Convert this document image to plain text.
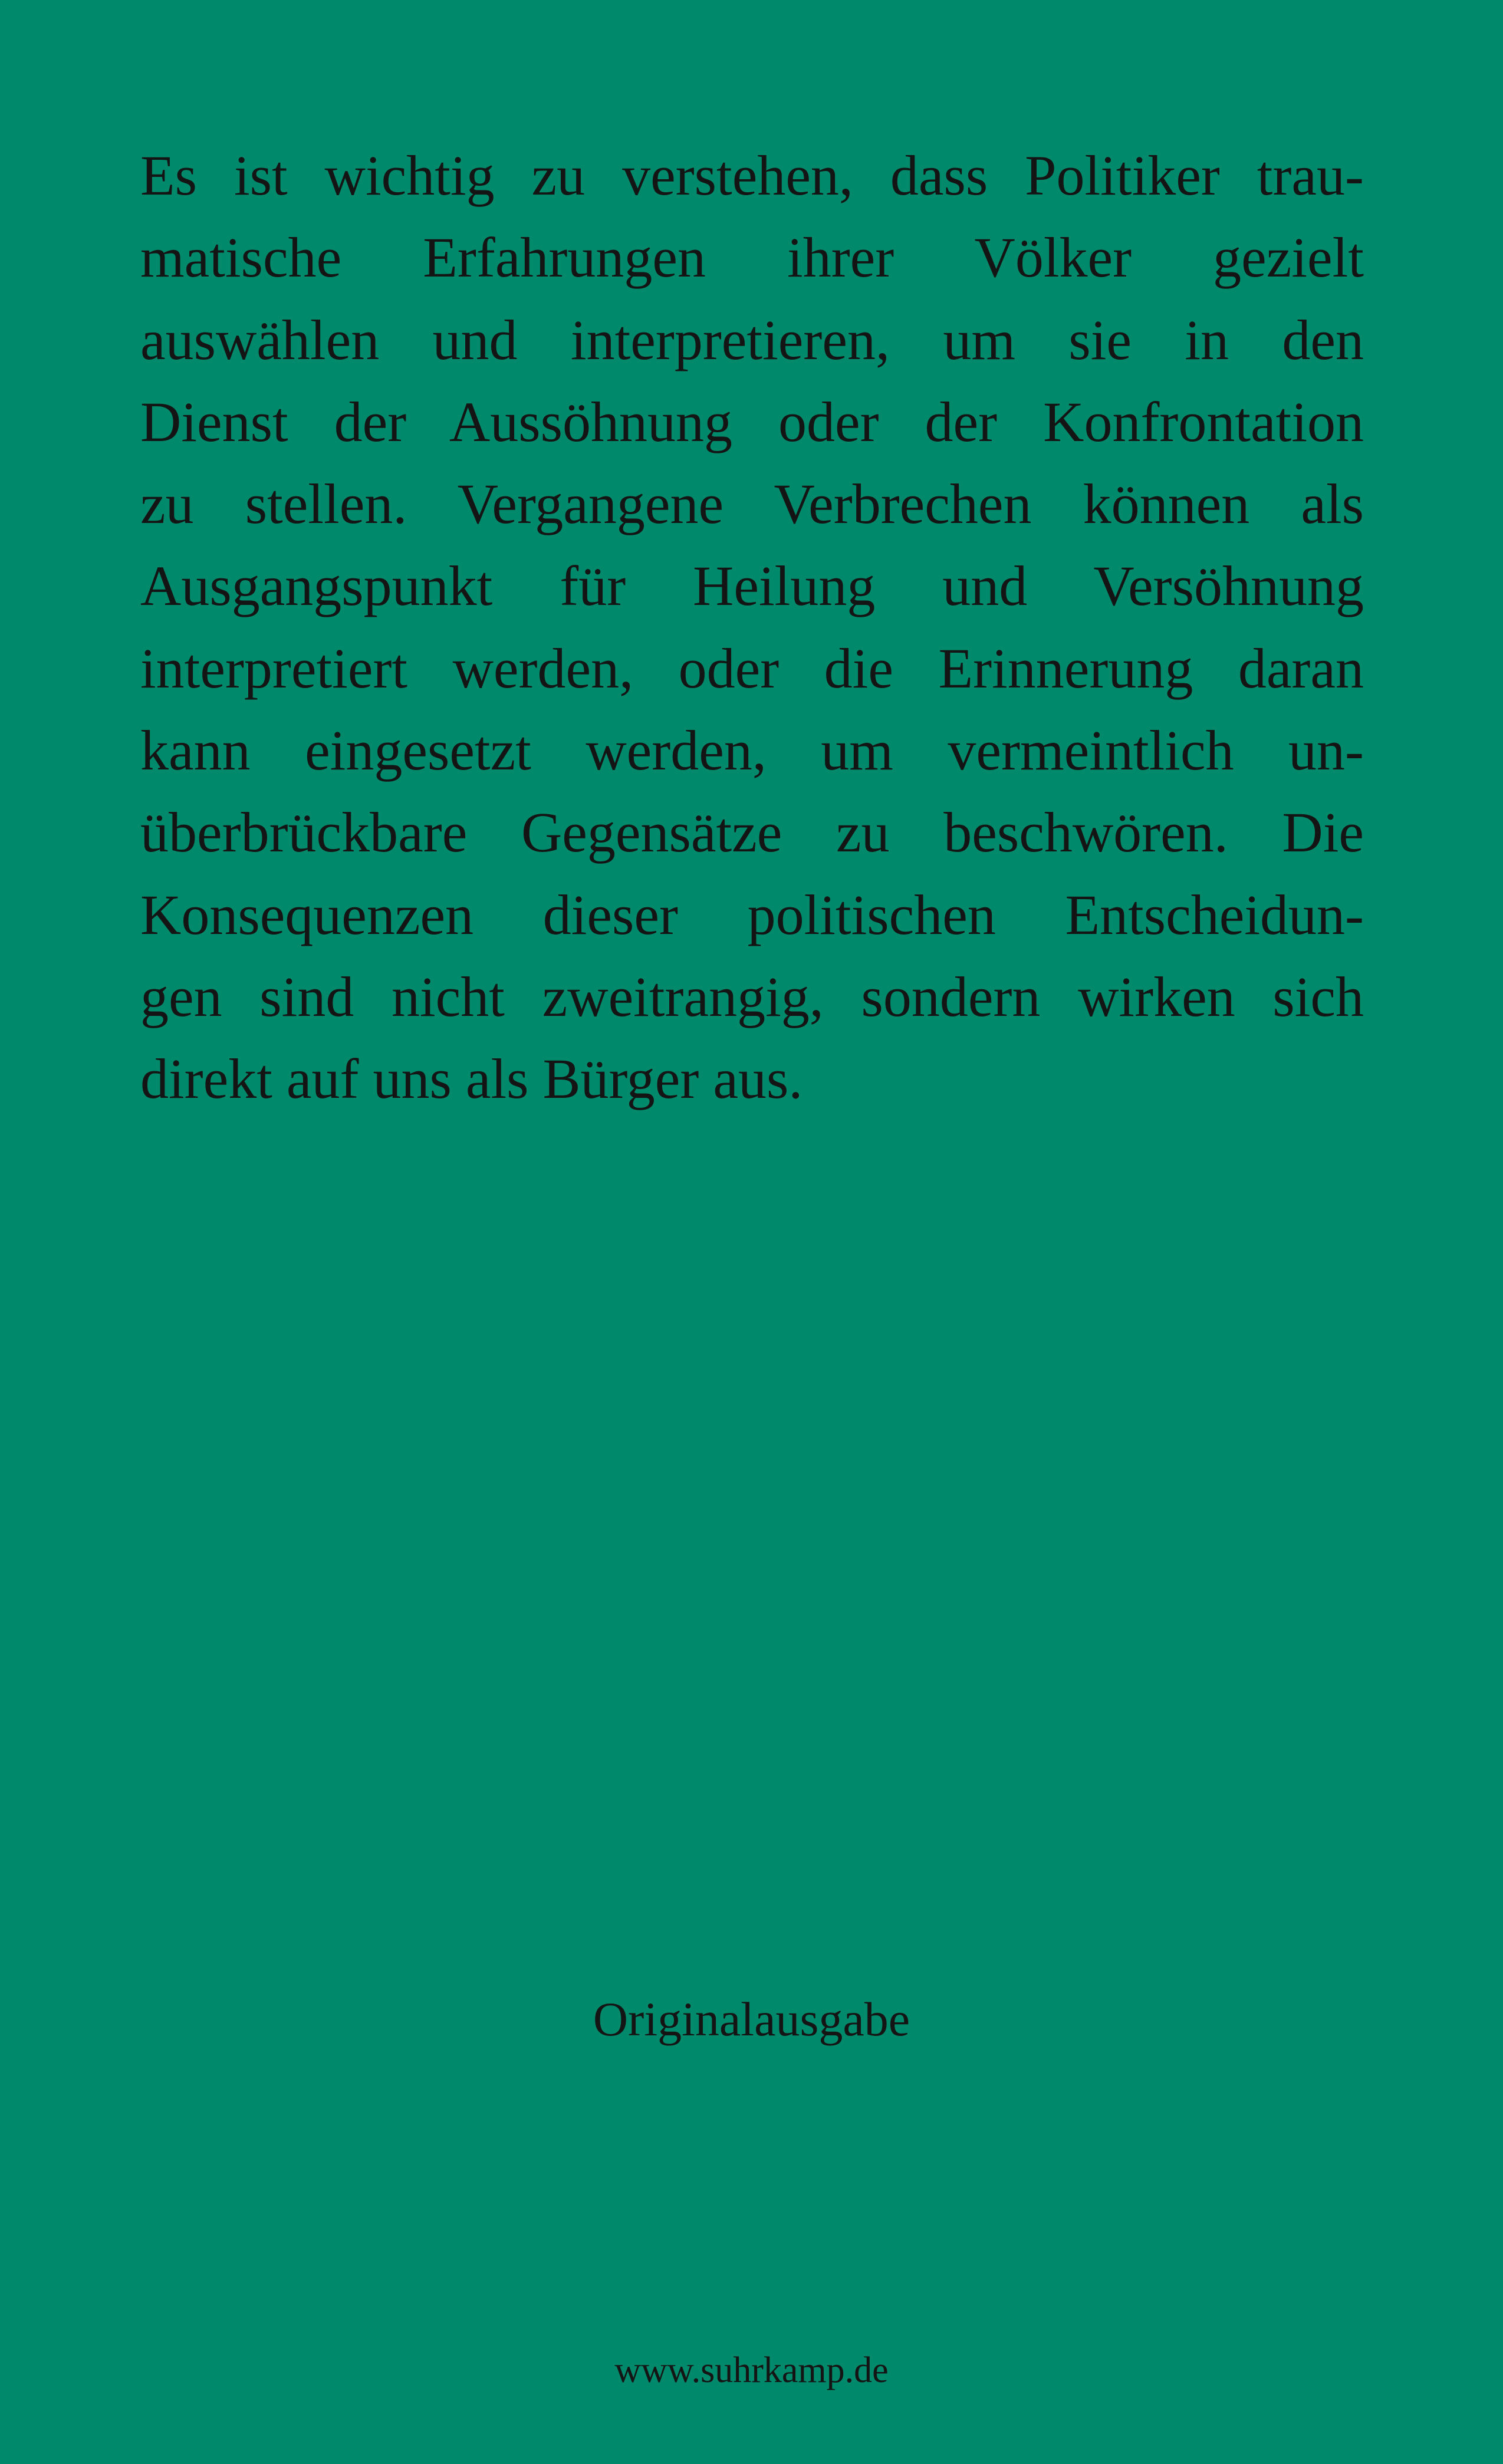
Es ist wichtig zu verstehen, dass Politiker trau-
matische Erfahrungen ihrer Völker gezielt
auswählen und interpretieren, um sie in den
Dienst der Aussöhnung oder der Konfrontation
zu stellen. Vergangene Verbrechen können als
Ausgangspunkt für Heilung und Versöhnung
interpretiert werden, oder die Erinnerung daran
kann eingesetzt werden, um vermeintlich un-
überbrückbare Gegensätze zu beschwören. Die
Konsequenzen dieser politischen Entscheidun-
gen sind nicht zweitrangig, sondern wirken sich
direkt auf uns als Bürger aus.
Originalausgabe
www.suhrkamp.de
